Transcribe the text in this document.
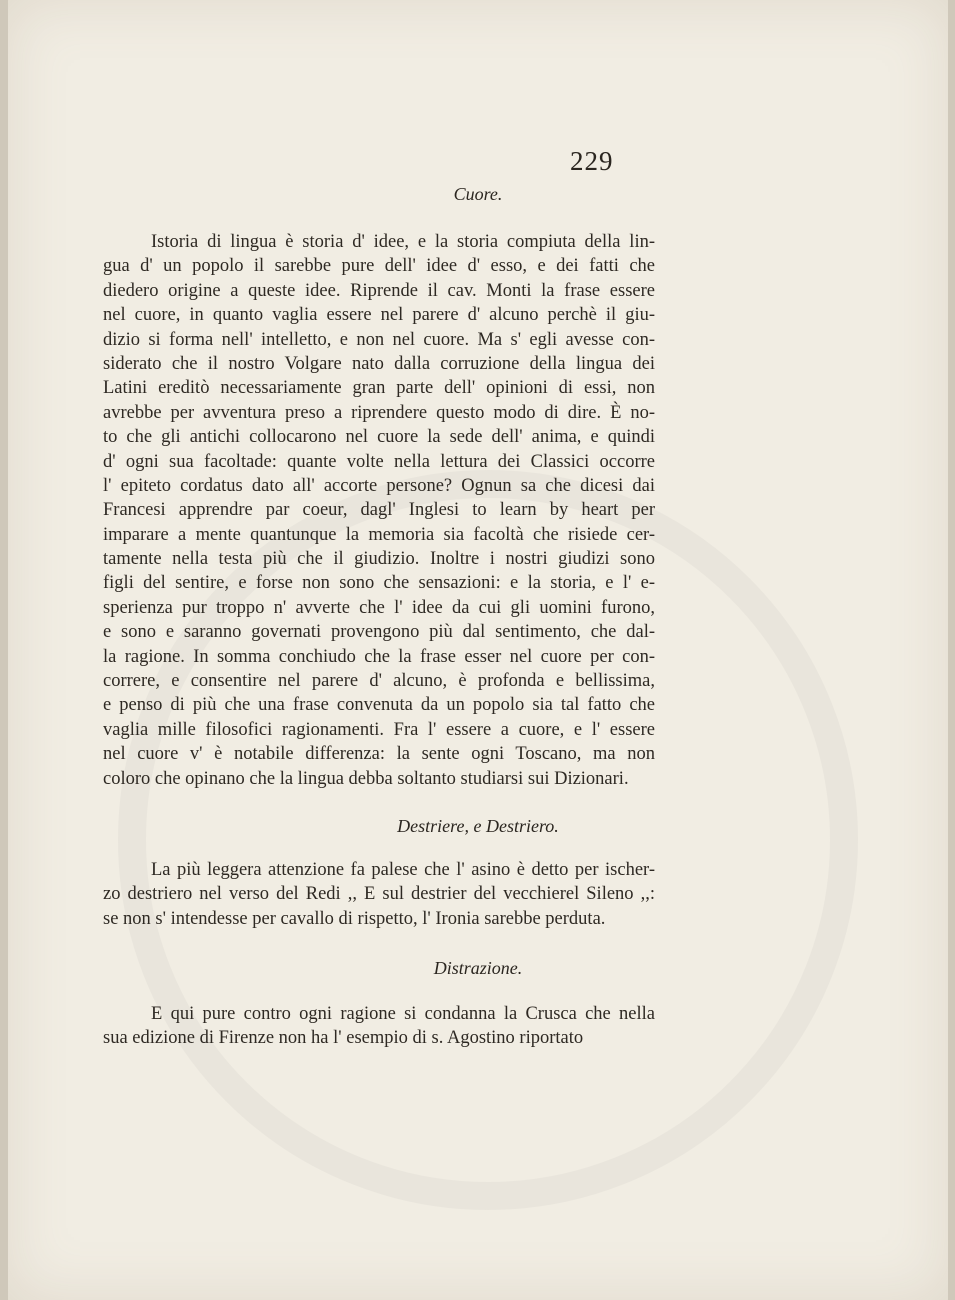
229
Cuore.
Istoria di lingua è storia d' idee, e la storia compiuta della lin-
gua d' un popolo il sarebbe pure dell' idee d' esso, e dei fatti che
diedero origine a queste idee. Riprende il cav. Monti la frase essere
nel cuore, in quanto vaglia essere nel parere d' alcuno perchè il giu-
dizio si forma nell' intelletto, e non nel cuore. Ma s' egli avesse con-
siderato che il nostro Volgare nato dalla corruzione della lingua dei
Latini ereditò necessariamente gran parte dell' opinioni di essi, non
avrebbe per avventura preso a riprendere questo modo di dire. È no-
to che gli antichi collocarono nel cuore la sede dell' anima, e quindi
d' ogni sua facoltade: quante volte nella lettura dei Classici occorre
l' epiteto cordatus dato all' accorte persone? Ognun sa che dicesi dai
Francesi apprendre par coeur, dagl' Inglesi to learn by heart per
imparare a mente quantunque la memoria sia facoltà che risiede cer-
tamente nella testa più che il giudizio. Inoltre i nostri giudizi sono
figli del sentire, e forse non sono che sensazioni: e la storia, e l' e-
sperienza pur troppo n' avverte che l' idee da cui gli uomini furono,
e sono e saranno governati provengono più dal sentimento, che dal-
la ragione. In somma conchiudo che la frase esser nel cuore per con-
correre, e consentire nel parere d' alcuno, è profonda e bellissima,
e penso di più che una frase convenuta da un popolo sia tal fatto che
vaglia mille filosofici ragionamenti. Fra l' essere a cuore, e l' essere
nel cuore v' è notabile differenza: la sente ogni Toscano, ma non
coloro che opinano che la lingua debba soltanto studiarsi sui Dizionari.
Destriere, e Destriero.
La più leggera attenzione fa palese che l' asino è detto per ischer-
zo destriero nel verso del Redi ,, E sul destrier del vecchierel Sileno ,,:
se non s' intendesse per cavallo di rispetto, l' Ironia sarebbe perduta.
Distrazione.
E qui pure contro ogni ragione si condanna la Crusca che nella
sua edizione di Firenze non ha l' esempio di s. Agostino riportato
